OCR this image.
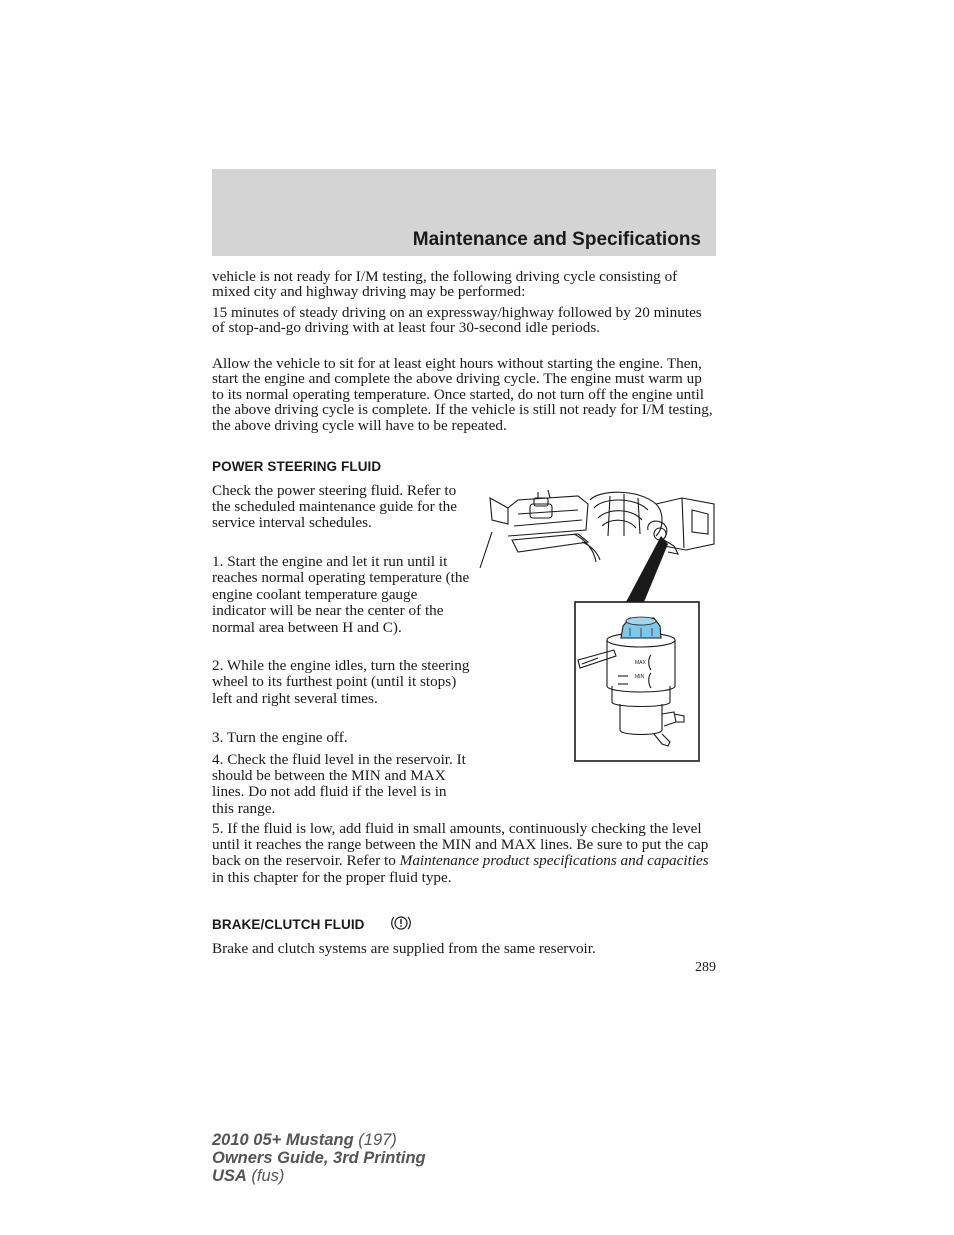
Maintenance and Specifications

vehicle is not ready for I/M testing, the following driving cycle consisting of mixed city and highway driving may be performed:

15 minutes of steady driving on an expressway/highway followed by 20 minutes of stop-and-go driving with at least four 30-second idle periods.

Allow the vehicle to sit for at least eight hours without starting the engine. Then, start the engine and complete the above driving cycle. The engine must warm up to its normal operating temperature. Once started, do not turn off the engine until the above driving cycle is complete. If the vehicle is still not ready for I/M testing, the above driving cycle will have to be repeated.

POWER STEERING FLUID

Check the power steering fluid. Refer to the scheduled maintenance guide for the service interval schedules.

1. Start the engine and let it run until it reaches normal operating temperature (the engine coolant temperature gauge indicator will be near the center of the normal area between H and C).

2. While the engine idles, turn the steering wheel to its furthest point (until it stops) left and right several times.

3. Turn the engine off.

4. Check the fluid level in the reservoir. It should be between the MIN and MAX lines. Do not add fluid if the level is in this range.

5. If the fluid is low, add fluid in small amounts, continuously checking the level until it reaches the range between the MIN and MAX lines. Be sure to put the cap back on the reservoir. Refer to Maintenance product specifications and capacities in this chapter for the proper fluid type.

BRAKE/CLUTCH FLUID

Brake and clutch systems are supplied from the same reservoir.

289
2010 05+ Mustang (197)
Owners Guide, 3rd Printing
USA (fus)
MAX
MIN
